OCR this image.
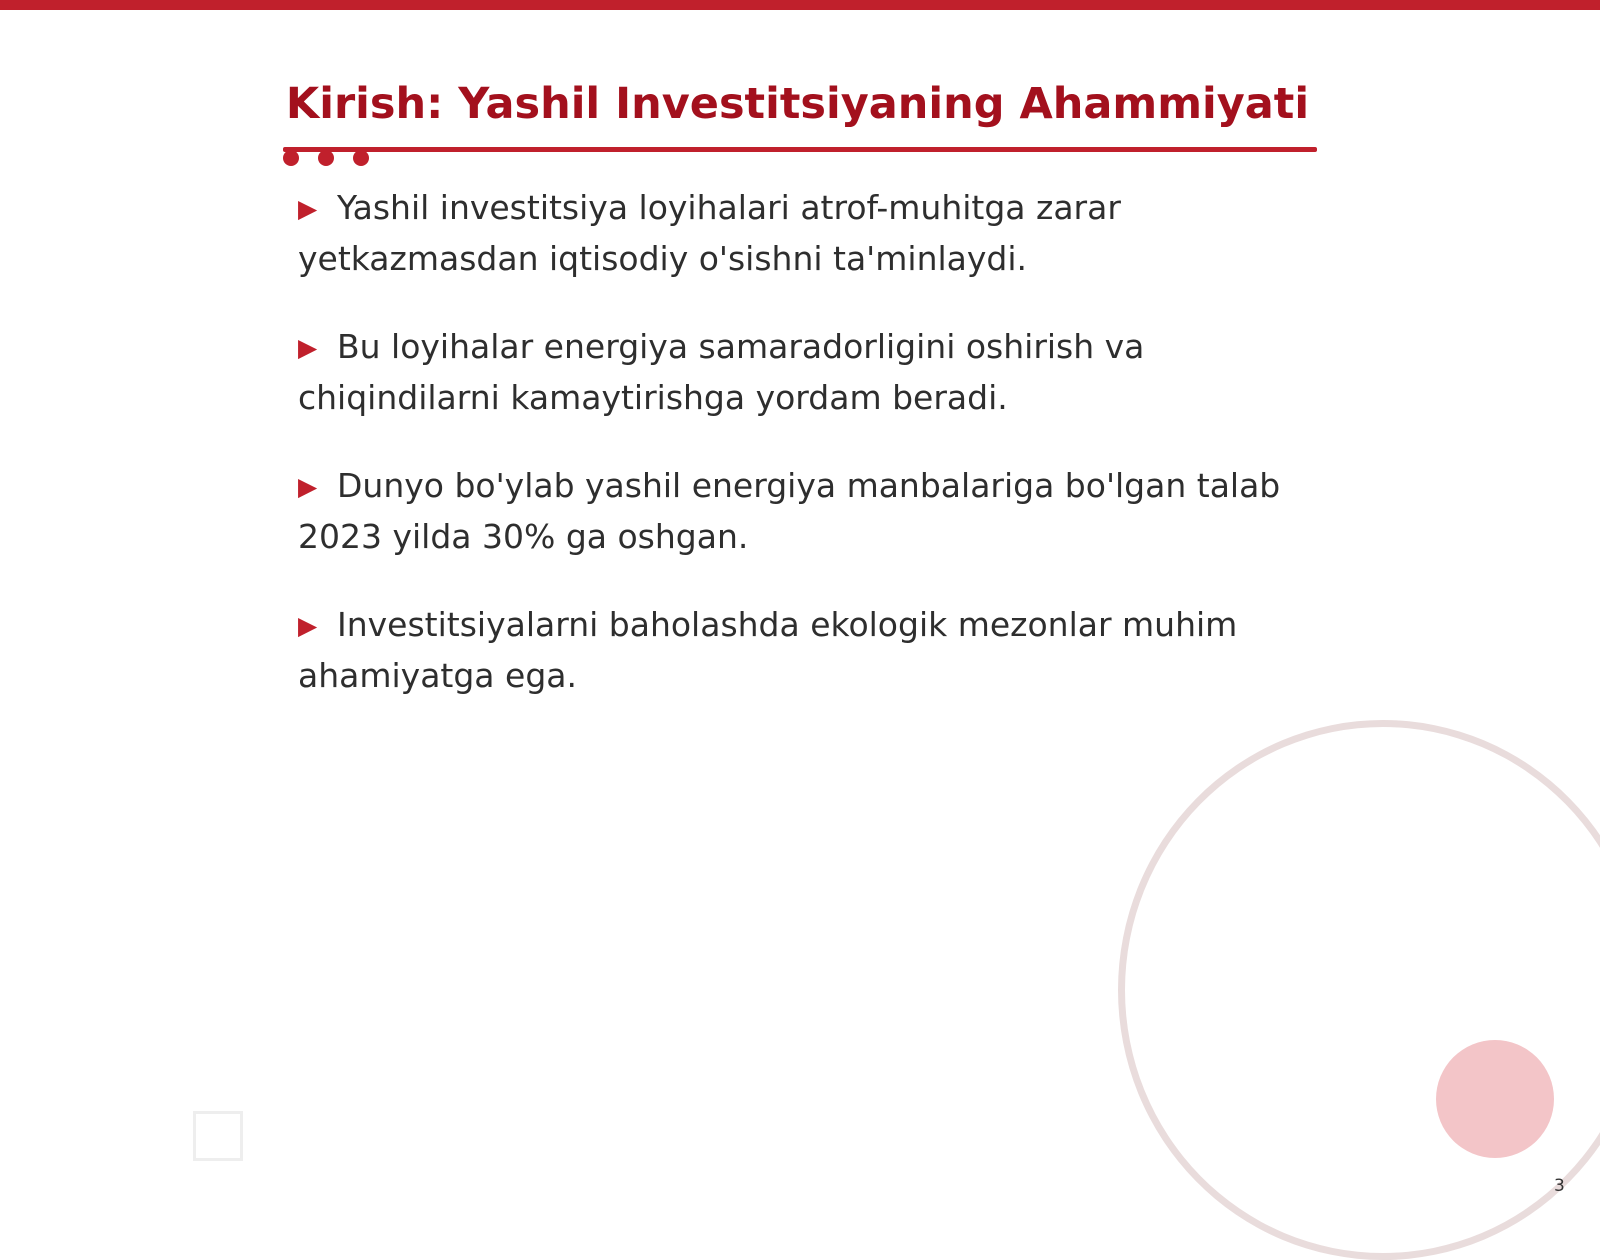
Kirish: Yashil Investitsiyaning Ahammiyati
▶ Yashil investitsiya loyihalari atrof-muhitga zarar yetkazmasdan iqtisodiy o'sishni ta'minlaydi.
▶ Bu loyihalar energiya samaradorligini oshirish va chiqindilarni kamaytirishga yordam beradi.
▶ Dunyo bo'ylab yashil energiya manbalariga bo'lgan talab 2023 yilda 30% ga oshgan.
▶ Investitsiyalarni baholashda ekologik mezonlar muhim ahamiyatga ega.
3
